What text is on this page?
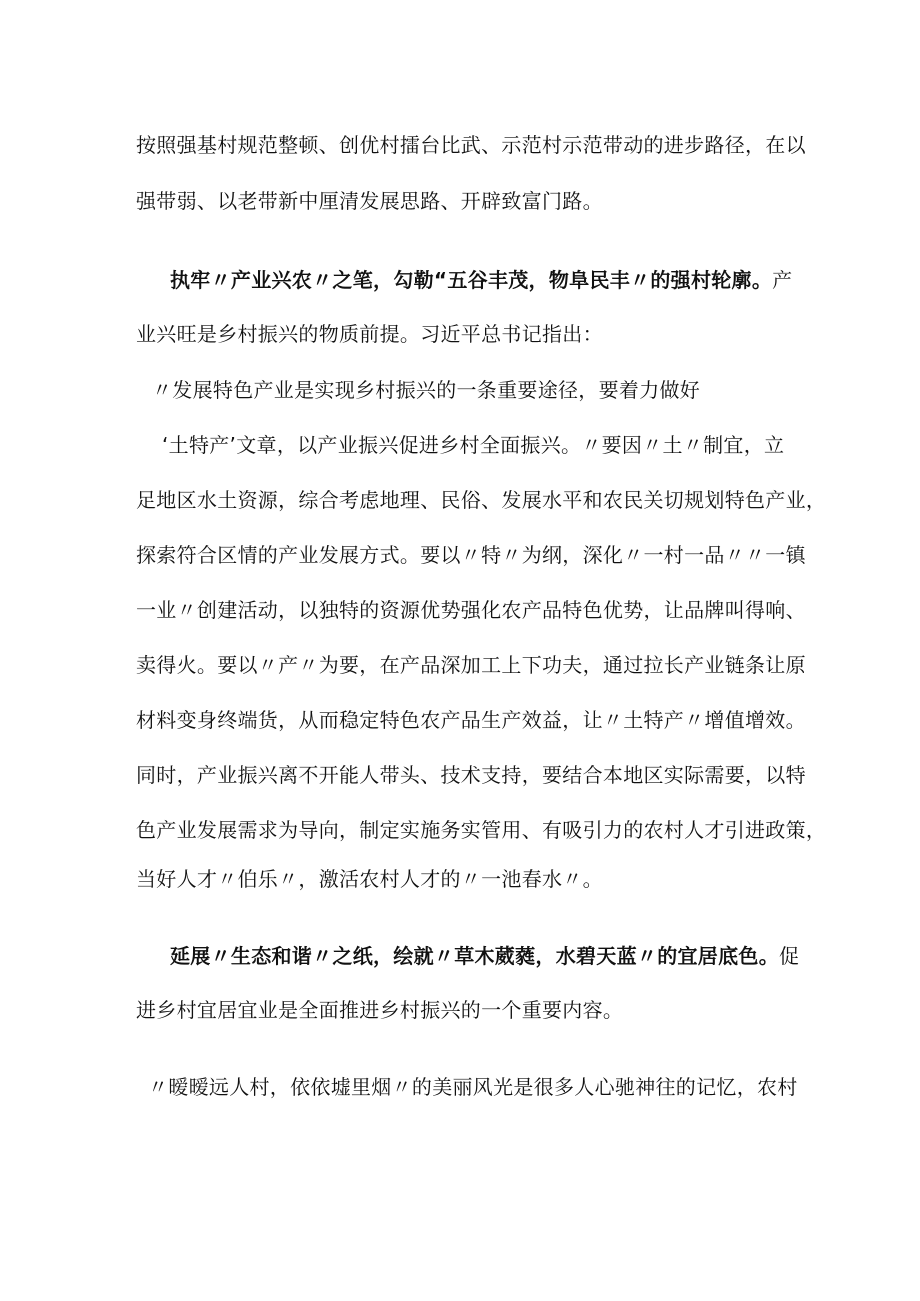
按照强基村规范整顿、创优村擂台比武、示范村示范带动的进步路径，在以
强带弱、以老带新中厘清发展思路、开辟致富门路。
执牢〃产业兴农〃之笔，勾勒“五谷丰茂，物阜民丰〃的强村轮廓。产
业兴旺是乡村振兴的物质前提。习近平总书记指出：
〃发展特色产业是实现乡村振兴的一条重要途径，要着力做好
‘土特产’文章，以产业振兴促进乡村全面振兴。〃要因〃土〃制宜，立
足地区水土资源，综合考虑地理、民俗、发展水平和农民关切规划特色产业，
探索符合区情的产业发展方式。要以〃特〃为纲，深化〃一村一品〃〃一镇
一业〃创建活动，以独特的资源优势强化农产品特色优势，让品牌叫得响、
卖得火。要以〃产〃为要，在产品深加工上下功夫，通过拉长产业链条让原
材料变身终端货，从而稳定特色农产品生产效益，让〃土特产〃增值增效。
同时，产业振兴离不开能人带头、技术支持，要结合本地区实际需要，以特
色产业发展需求为导向，制定实施务实管用、有吸引力的农村人才引进政策，
当好人才〃伯乐〃，激活农村人才的〃一池春水〃。
延展〃生态和谐〃之纸，绘就〃草木葳蕤，水碧天蓝〃的宜居底色。促
进乡村宜居宜业是全面推进乡村振兴的一个重要内容。
〃暧暧远人村，依依墟里烟〃的美丽风光是很多人心驰神往的记忆，农村
